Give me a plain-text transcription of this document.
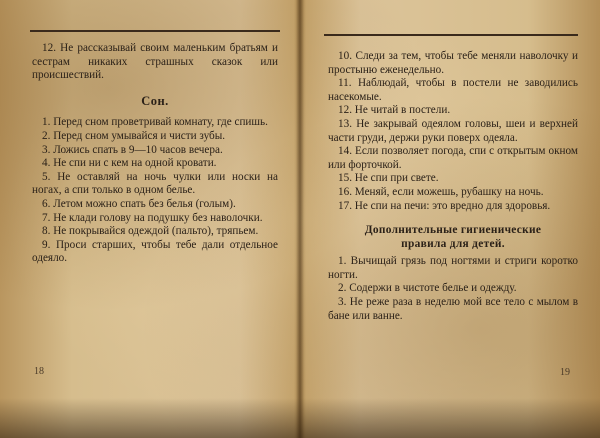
12. Не рассказывай своим маленьким братьям и сестрам никаких страшных сказок или происшествий.

Сон.

1. Перед сном проветривай комнату, где спишь.

2. Перед сном умывайся и чисти зубы.

3. Ложись спать в 9—10 часов вечера.

4. Не спи ни с кем на одной кровати.

5. Не оставляй на ночь чулки или носки на ногах, а спи только в одном белье.

6. Летом можно спать без белья (голым).

7. Не клади голову на подушку без наволочки.

8. Не покрывайся одеждой (пальто), тряпьем.

9. Проси старших, чтобы тебе дали отдельное одеяло.

18

10. Следи за тем, чтобы тебе меняли наволочку и простыню еженедельно.

11. Наблюдай, чтобы в постели не заводились насекомые.

12. Не читай в постели.

13. Не закрывай одеялом головы, шеи и верхней части груди, держи руки поверх одеяла.

14. Если позволяет погода, спи с открытым окном или форточкой.

15. Не спи при свете.

16. Меняй, если можешь, рубашку на ночь.

17. Не спи на печи: это вредно для здоровья.

Дополнительные гигиенические
правила для детей.

1. Вычищай грязь под ногтями и стриги коротко ногти.

2. Содержи в чистоте белье и одежду.

3. Не реже раза в неделю мой все тело с мылом в бане или ванне.

19
